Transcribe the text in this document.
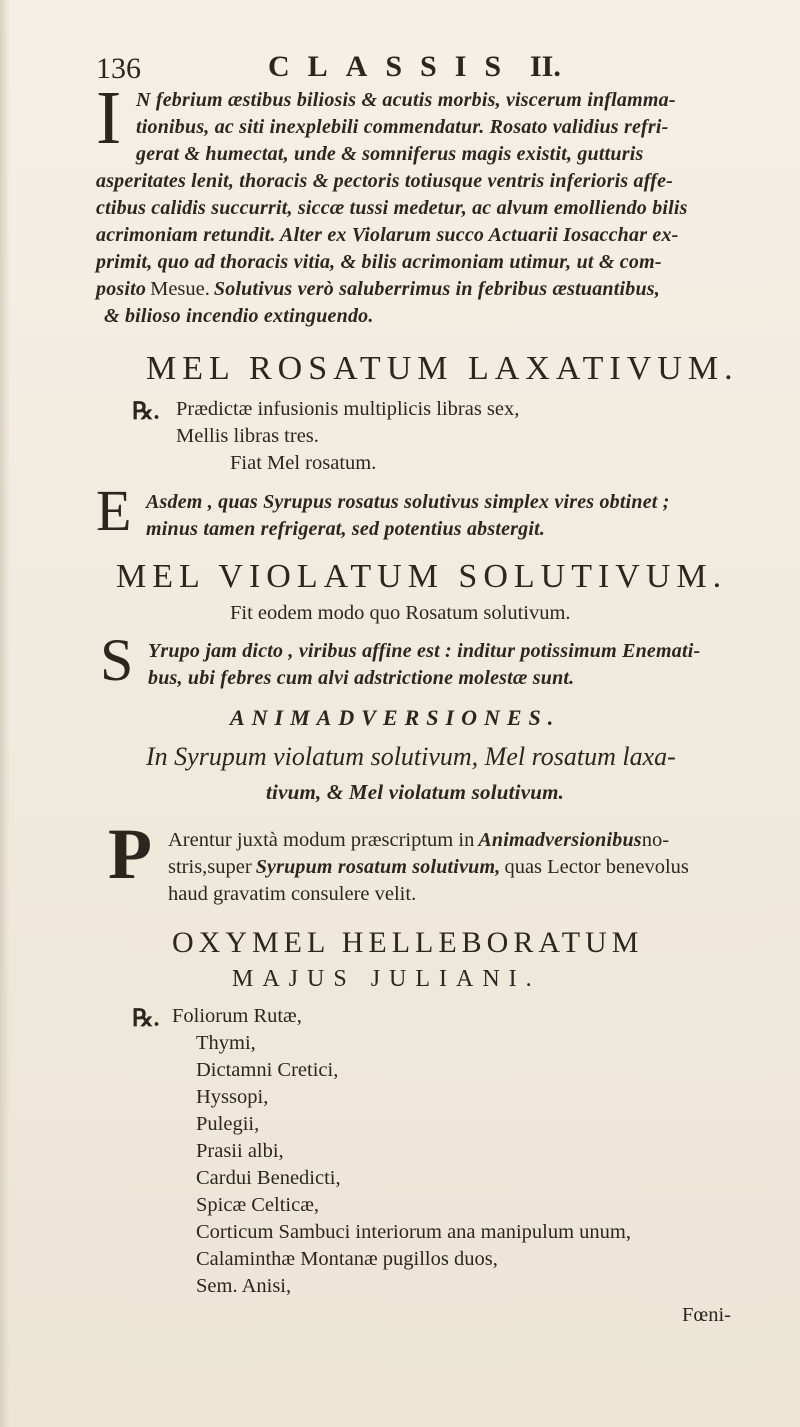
136	CLASSIS II.
I N febrium æstibus biliosis & acutis morbis, viscerum inflamma-
tionibus, ac siti inexplebili commendatur. Rosato validius refri-
gerat & humectat, unde & somniferus magis existit, gutturis
asperitates lenit, thoracis & pectoris totiusque ventris inferioris affe-
ctibus calidis succurrit, siccæ tussi medetur, ac alvum emolliendo bilis
acrimoniam retundit. Alter ex Violarum succo Actuarii Iosacchar ex-
primit, quo ad thoracis vitia, & bilis acrimoniam utimur, ut & com-
posito Mesue. Solutivus verò saluberrimus in febribus æstuantibus,
& bilioso incendio extinguendo.
MEL ROSATUM LAXATIVUM.
℞. Prædictæ infusionis multiplicis libras sex,
Mellis libras tres.
Fiat Mel rosatum.
E Asdem , quas Syrupus rosatus solutivus simplex vires obtinet ;
minus tamen refrigerat, sed potentius abstergit.
MEL VIOLATUM SOLUTIVUM.
Fit eodem modo quo Rosatum solutivum.
S Yrupo jam dicto , viribus affine est : inditur potissimum Enemati-
bus, ubi febres cum alvi adstrictione molestæ sunt.
ANIMADVERSIONES.
In Syrupum violatum solutivum, Mel rosatum laxa-
tivum, & Mel violatum solutivum.
P Arentur juxtà modum præscriptum in Animadversionibusno-
stris,super Syrupum rosatum solutivum, quas Lector benevolus
haud gravatim consulere velit.
OXYMEL HELLEBORATUM
MAJUS JULIANI.
℞. Foliorum Rutæ,
Thymi,
Dictamni Cretici,
Hyssopi,
Pulegii,
Prasii albi,
Cardui Benedicti,
Spicæ Celticæ,
Corticum Sambuci interiorum ana manipulum unum,
Calaminthæ Montanæ pugillos duos,
Sem. Anisi,
Fœni-
